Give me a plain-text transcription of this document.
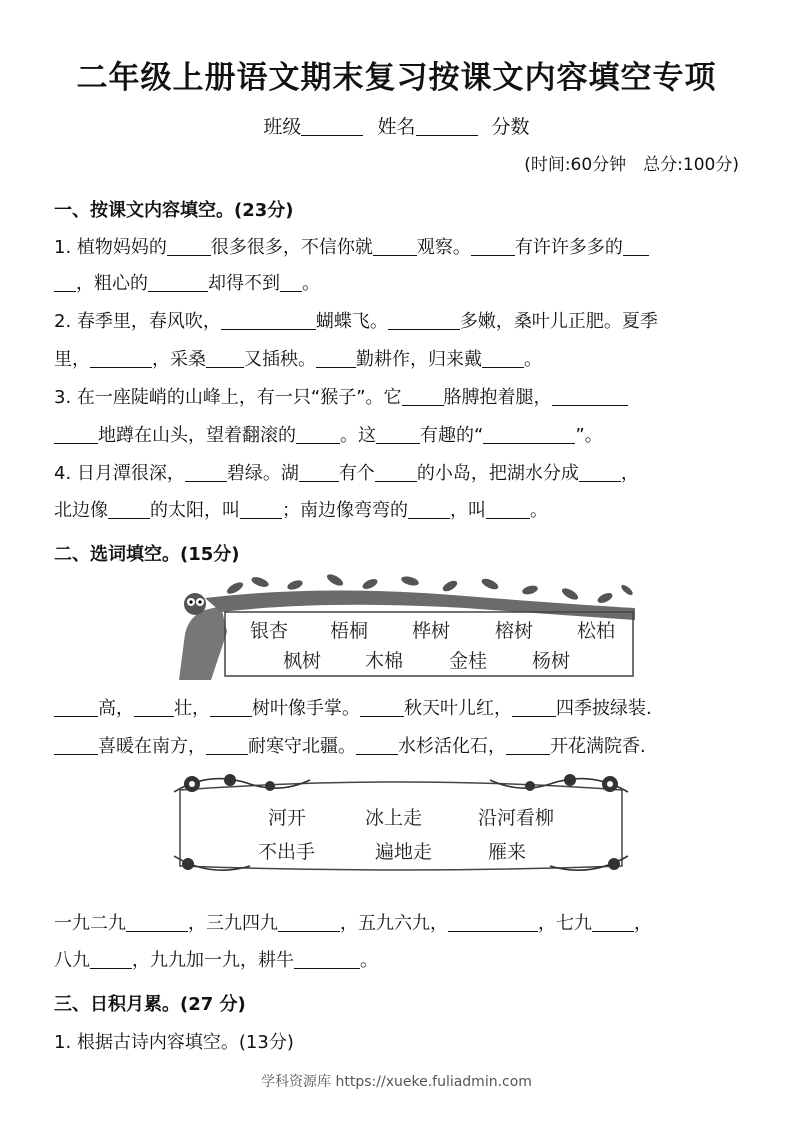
二年级上册语文期末复习按课文内容填空专项
班级	姓名	分数
(时间:60分钟　总分:100分)
一、按课文内容填空。(23分)
1. 植物妈妈的 很多很多，不信你就 观察。 有许许多多的
，粗心的	却得不到 。
2. 春季里，春风吹，	蝴蝶飞。	多嫩，桑叶儿正肥。夏季
里，	，采桑 又插秧。 勤耕作，归来戴 。
3. 在一座陡峭的山峰上，有一只“猴子”。它 胳膊抱着腿，
地蹲在山头，望着翻滚的 。这 有趣的“	”。
4. 日月潭很深， 碧绿。湖 有个 的小岛，把湖水分成 ，
北边像 的太阳，叫 ；南边像弯弯的 ，叫 。
二、选词填空。(15分)
银杏 梧桐 桦树 榕树 松柏
枫树 木棉 金桂 杨树
高， 壮， 树叶像手掌。 秋天叶儿红， 四季披绿装.
喜暖在南方， 耐寒守北疆。 水杉活化石， 开花满院香.
河开	冰上走	沿河看柳
不出手	遍地走	雁来
一九二九	，三九四九	，五九六九，	，七九 ，
八九 ，九九加一九，耕牛	。
三、日积月累。(27 分)
1. 根据古诗内容填空。(13分)
学科资源库 https://xueke.fuliadmin.com
